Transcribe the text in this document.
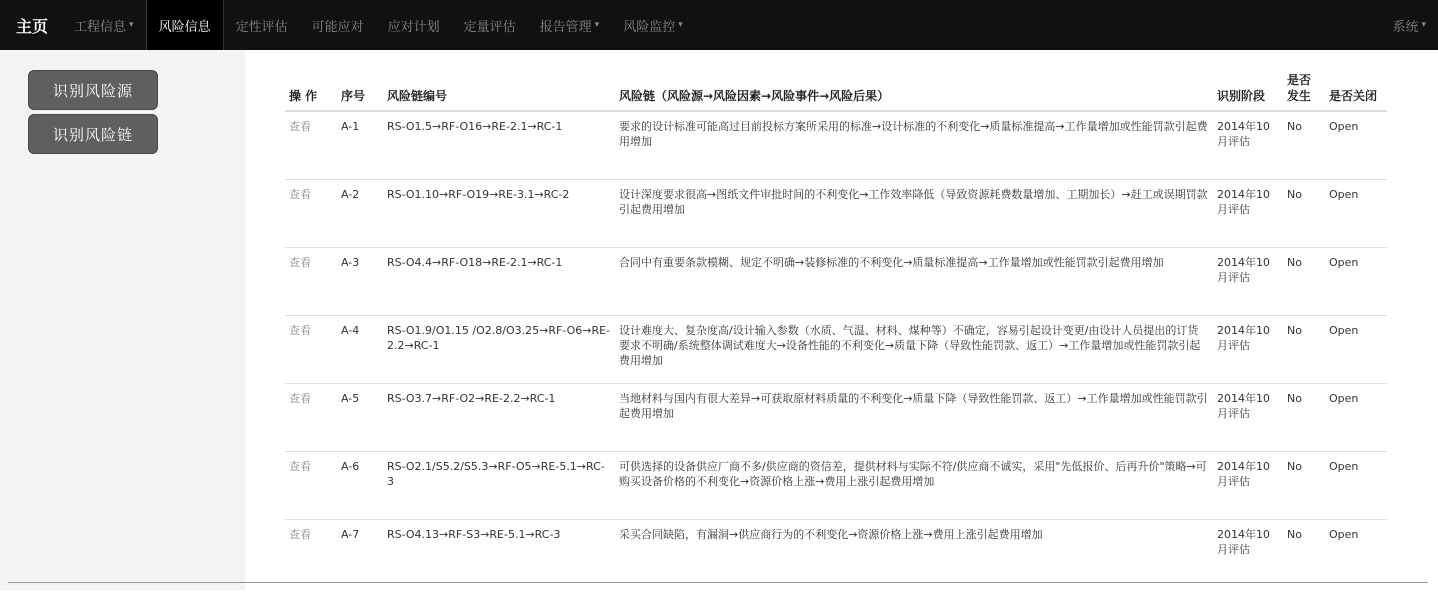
主页	工程信息 ▾ 风险信息 定性评估 可能应对 应对计划 定量评估 报告管理 ▾ 风险监控 ▾	系统 ▾
识别风险源
识别风险链
操 作	序号	风险链编号	风险链（风险源→风险因素→风险事件→风险后果）	识别阶段	是否发生	是否关闭
查看	A-1	RS-O1.5→RF-O16→RE-2.1→RC-1	要求的设计标准可能高过目前投标方案所采用的标准→设计标准的不利变化→质量标准提高→工作量增加或性能罚款引起费用增加	2014年10月评估	No	Open
查看	A-2	RS-O1.10→RF-O19→RE-3.1→RC-2	设计深度要求很高→图纸文件审批时间的不利变化→工作效率降低（导致资源耗费数量增加、工期加长）→赶工或误期罚款引起费用增加	2014年10月评估	No	Open
查看	A-3	RS-O4.4→RF-O18→RE-2.1→RC-1	合同中有重要条款模糊、规定不明确→装修标准的不利变化→质量标准提高→工作量增加或性能罚款引起费用增加	2014年10月评估	No	Open
查看	A-4	RS-O1.9/O1.15 /O2.8/O3.25→RF-O6→RE-2.2→RC-1	设计难度大、复杂度高/设计输入参数（水质、气温、材料、煤种等）不确定，容易引起设计变更/由设计人员提出的订货要求不明确/系统整体调试难度大→设备性能的不利变化→质量下降（导致性能罚款、返工）→工作量增加或性能罚款引起费用增加	2014年10月评估	No	Open
查看	A-5	RS-O3.7→RF-O2→RE-2.2→RC-1	当地材料与国内有很大差异→可获取原材料质量的不利变化→质量下降（导致性能罚款、返工）→工作量增加或性能罚款引起费用增加	2014年10月评估	No	Open
查看	A-6	RS-O2.1/S5.2/S5.3→RF-O5→RE-5.1→RC-3	可供选择的设备供应厂商不多/供应商的资信差，提供材料与实际不符/供应商不诚实，采用"先低报价、后再升价"策略→可购买设备价格的不利变化→资源价格上涨→费用上涨引起费用增加	2014年10月评估	No	Open
查看	A-7	RS-O4.13→RF-S3→RE-5.1→RC-3	采买合同缺陷，有漏洞→供应商行为的不利变化→资源价格上涨→费用上涨引起费用增加	2014年10月评估	No	Open
